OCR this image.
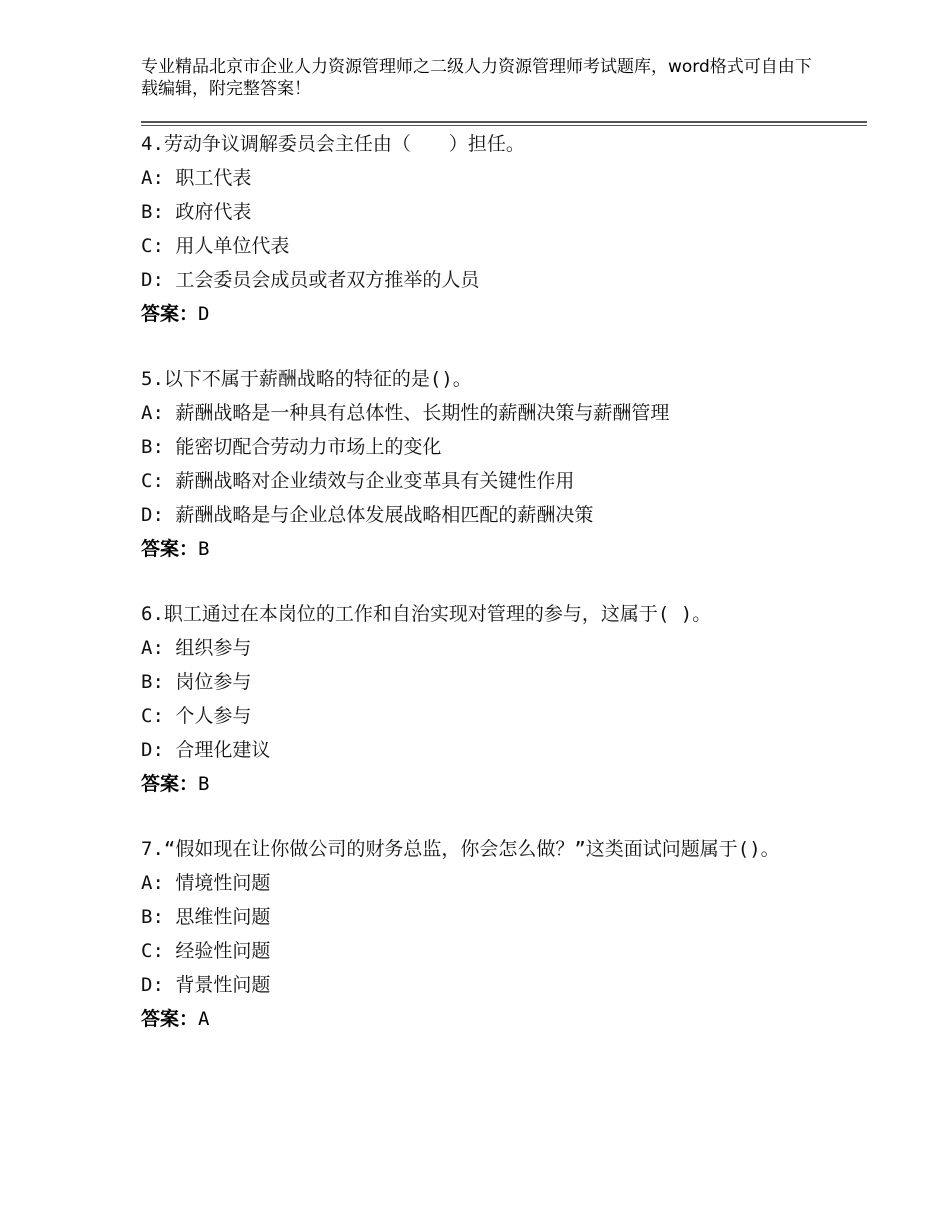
专业精品北京市企业人力资源管理师之二级人力资源管理师考试题库，word格式可自由下载编辑，附完整答案！
4.劳动争议调解委员会主任由（　　）担任。
A: 职工代表
B: 政府代表
C: 用人单位代表
D: 工会委员会成员或者双方推举的人员
答案：D
5.以下不属于薪酬战略的特征的是()。
A: 薪酬战略是一种具有总体性、长期性的薪酬决策与薪酬管理
B: 能密切配合劳动力市场上的变化
C: 薪酬战略对企业绩效与企业变革具有关键性作用
D: 薪酬战略是与企业总体发展战略相匹配的薪酬决策
答案：B
6.职工通过在本岗位的工作和自治实现对管理的参与，这属于( )。
A: 组织参与
B: 岗位参与
C: 个人参与
D: 合理化建议
答案：B
7.“假如现在让你做公司的财务总监，你会怎么做？”这类面试问题属于()。
A: 情境性问题
B: 思维性问题
C: 经验性问题
D: 背景性问题
答案：A
